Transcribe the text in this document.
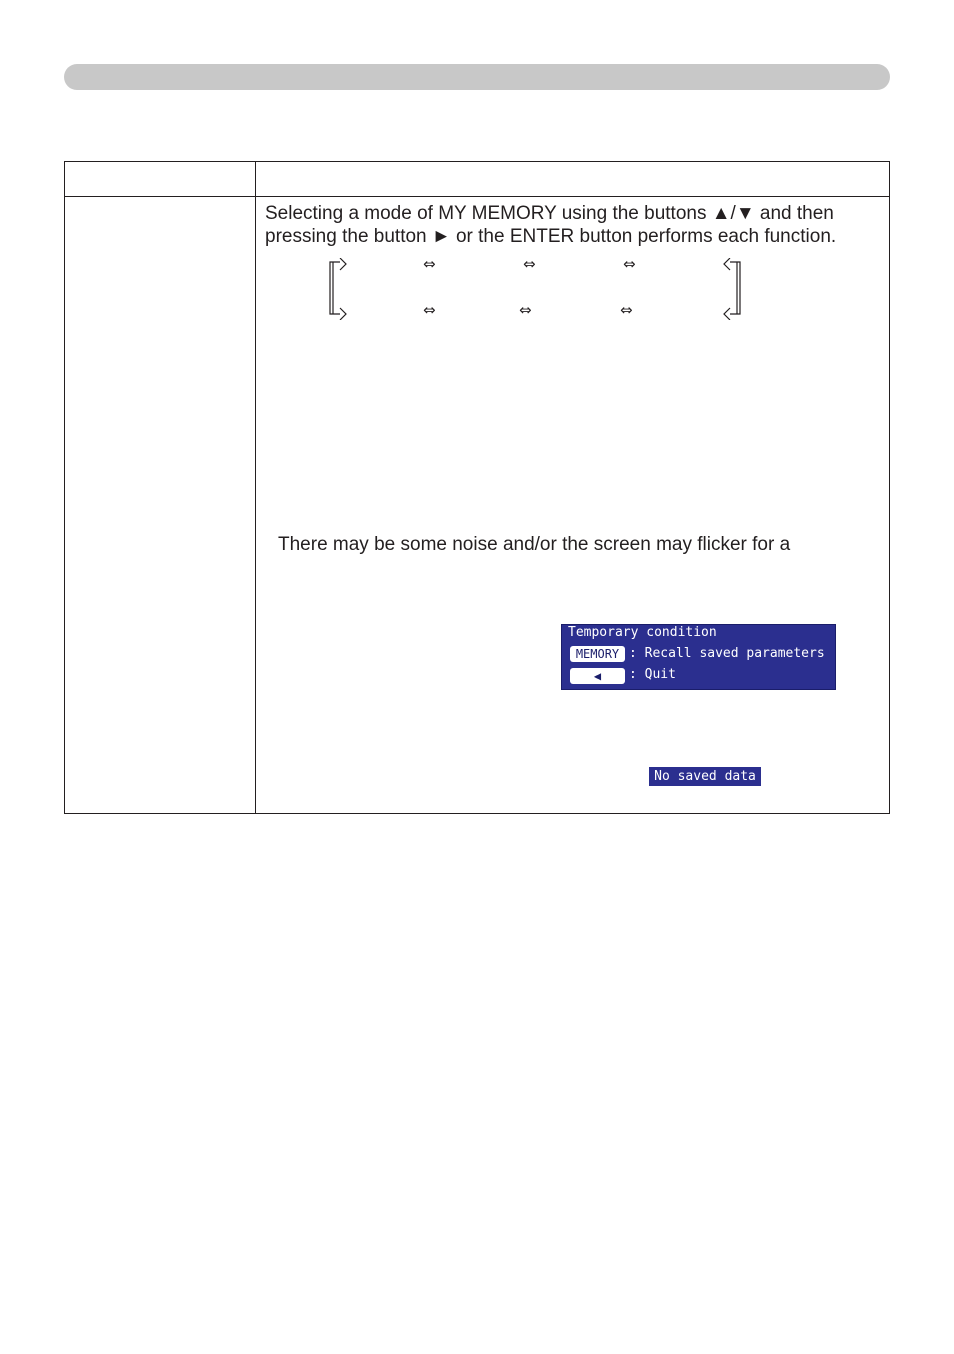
Selecting a mode of MY MEMORY using the buttons ▲/▼ and then
pressing the button ► or the ENTER button performs each function.

⇔	⇔	⇔
⇔	⇔	⇔
There may be some noise and/or the screen may flicker for a
Temporary condition
MEMORY : Recall saved parameters
◀	: Quit
No saved data
